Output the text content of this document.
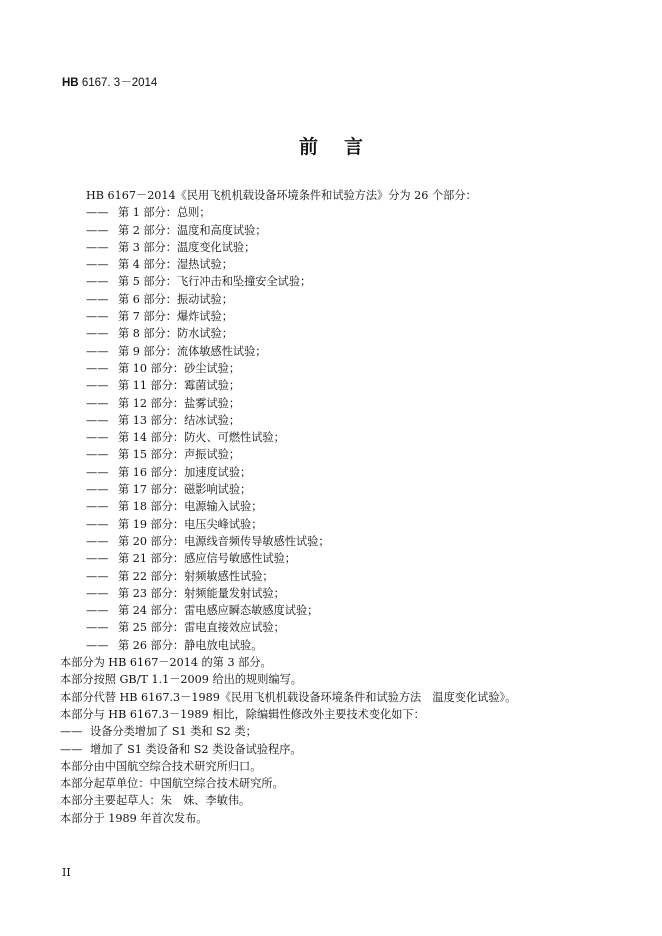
HB 6167. 3－2014
前言
HB 6167－2014《民用飞机机载设备环境条件和试验方法》分为 26 个部分：
—— 第 1 部分：总则；
—— 第 2 部分：温度和高度试验；
—— 第 3 部分：温度变化试验；
—— 第 4 部分：湿热试验；
—— 第 5 部分：飞行冲击和坠撞安全试验；
—— 第 6 部分：振动试验；
—— 第 7 部分：爆炸试验；
—— 第 8 部分：防水试验；
—— 第 9 部分：流体敏感性试验；
—— 第 10 部分：砂尘试验；
—— 第 11 部分：霉菌试验；
—— 第 12 部分：盐雾试验；
—— 第 13 部分：结冰试验；
—— 第 14 部分：防火、可燃性试验；
—— 第 15 部分：声振试验；
—— 第 16 部分：加速度试验；
—— 第 17 部分：磁影响试验；
—— 第 18 部分：电源输入试验；
—— 第 19 部分：电压尖峰试验；
—— 第 20 部分：电源线音频传导敏感性试验；
—— 第 21 部分：感应信号敏感性试验；
—— 第 22 部分：射频敏感性试验；
—— 第 23 部分：射频能量发射试验；
—— 第 24 部分：雷电感应瞬态敏感度试验；
—— 第 25 部分：雷电直接效应试验；
—— 第 26 部分：静电放电试验。
本部分为 HB 6167－2014 的第 3 部分。
本部分按照 GB/T 1.1－2009 给出的规则编写。
本部分代替 HB 6167.3－1989《民用飞机机载设备环境条件和试验方法　温度变化试验》。
本部分与 HB 6167.3－1989 相比，除编辑性修改外主要技术变化如下：
—— 设备分类增加了 S1 类和 S2 类；
—— 增加了 S1 类设备和 S2 类设备试验程序。
本部分由中国航空综合技术研究所归口。
本部分起草单位：中国航空综合技术研究所。
本部分主要起草人：朱　姝、李敏伟。
本部分于 1989 年首次发布。
II
